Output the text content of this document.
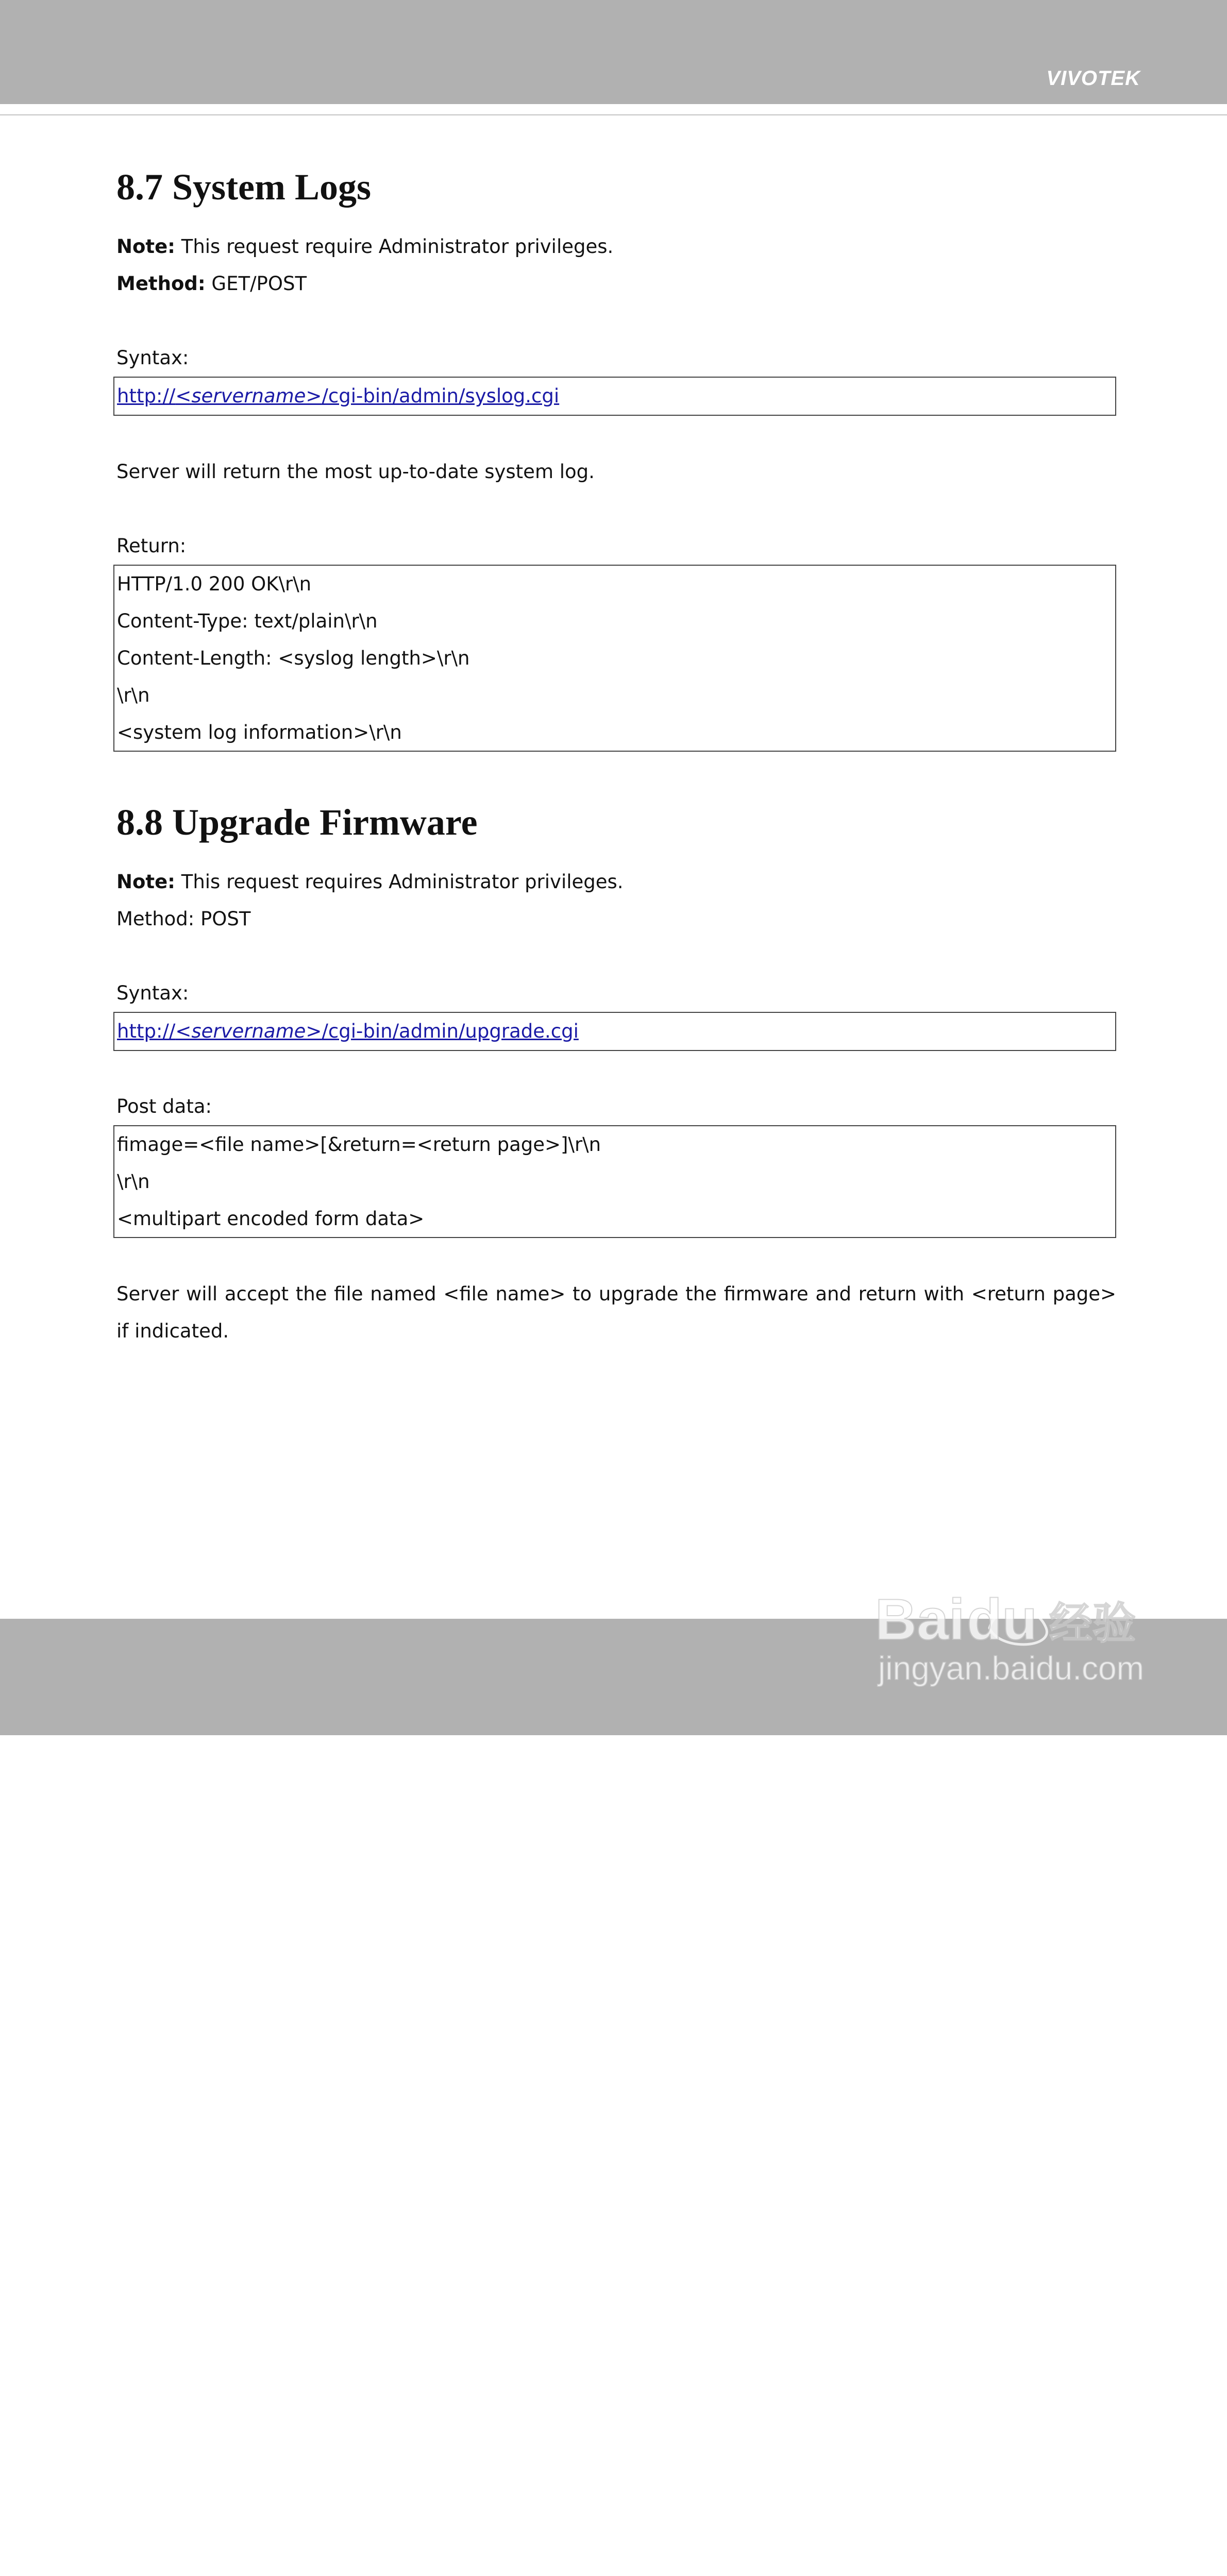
VIVOTEK
8.7 System Logs

Note: This request require Administrator privileges.

Method: GET/POST

Syntax:

http://<servername>/cgi-bin/admin/syslog.cgi

Server will return the most up-to-date system log.

Return:

HTTP/1.0 200 OK\r\n

Content-Type: text/plain\r\n

Content-Length: <syslog length>\r\n

\r\n

<system log information>\r\n

8.8 Upgrade Firmware

Note: This request requires Administrator privileges.

Method: POST

Syntax:

http://<servername>/cgi-bin/admin/upgrade.cgi

Post data:

fimage=<file name>[&return=<return page>]\r\n

\r\n

<multipart encoded form data>

Server will accept the file named <file name> to upgrade the firmware and return with <return page> if indicated.

Bai du 经验
jingyan.baidu.com
